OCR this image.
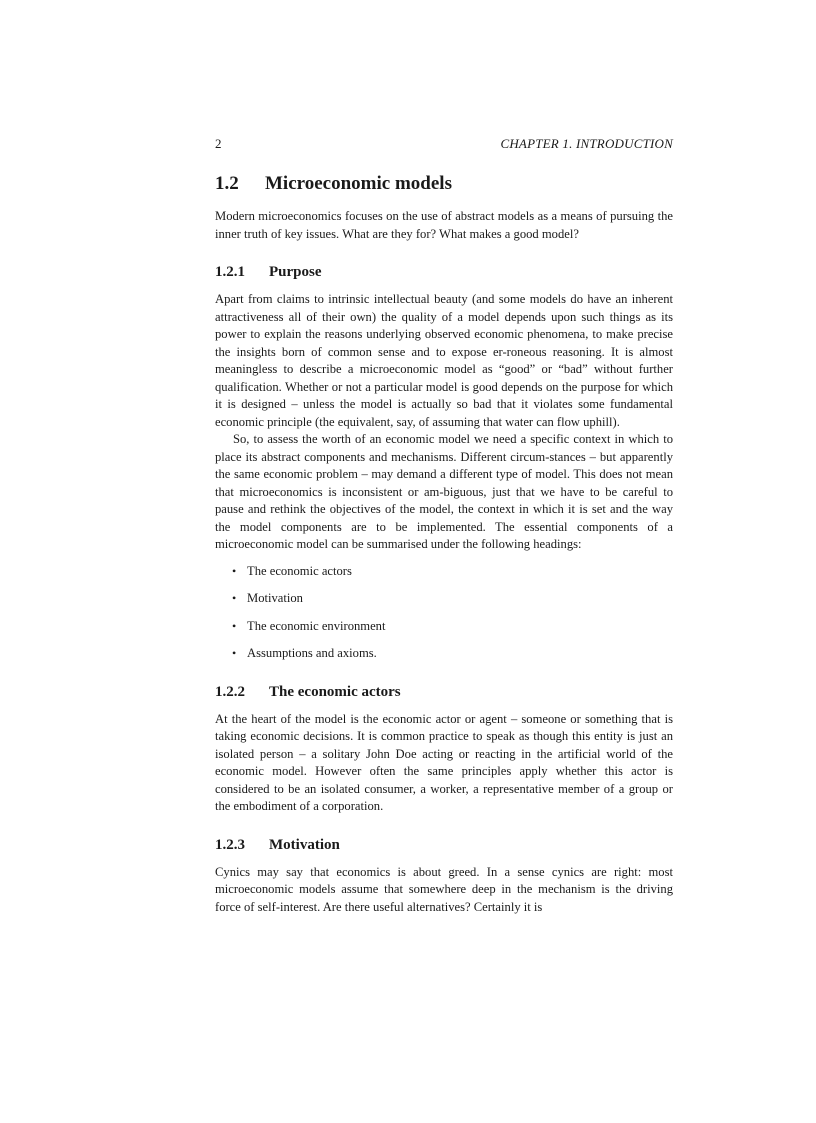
2	CHAPTER 1. INTRODUCTION
1.2 Microeconomic models

Modern microeconomics focuses on the use of abstract models as a means of pursuing the inner truth of key issues. What are they for? What makes a good model?

1.2.1 Purpose

Apart from claims to intrinsic intellectual beauty (and some models do have an inherent attractiveness all of their own) the quality of a model depends upon such things as its power to explain the reasons underlying observed economic phenomena, to make precise the insights born of common sense and to expose er-roneous reasoning. It is almost meaningless to describe a microeconomic model as “good” or “bad” without further qualification. Whether or not a particular model is good depends on the purpose for which it is designed – unless the model is actually so bad that it violates some fundamental economic principle (the equivalent, say, of assuming that water can flow uphill).

So, to assess the worth of an economic model we need a specific context in which to place its abstract components and mechanisms. Different circum-stances – but apparently the same economic problem – may demand a different type of model. This does not mean that microeconomics is inconsistent or am-biguous, just that we have to be careful to pause and rethink the objectives of the model, the context in which it is set and the way the model components are to be implemented. The essential components of a microeconomic model can be summarised under the following headings:

• The economic actors
• Motivation
• The economic environment
• Assumptions and axioms.
1.2.2 The economic actors

At the heart of the model is the economic actor or agent – someone or something that is taking economic decisions. It is common practice to speak as though this entity is just an isolated person – a solitary John Doe acting or reacting in the artificial world of the economic model. However often the same principles apply whether this actor is considered to be an isolated consumer, a worker, a representative member of a group or the embodiment of a corporation.

1.2.3 Motivation

Cynics may say that economics is about greed. In a sense cynics are right: most microeconomic models assume that somewhere deep in the mechanism is the driving force of self-interest. Are there useful alternatives? Certainly it is
